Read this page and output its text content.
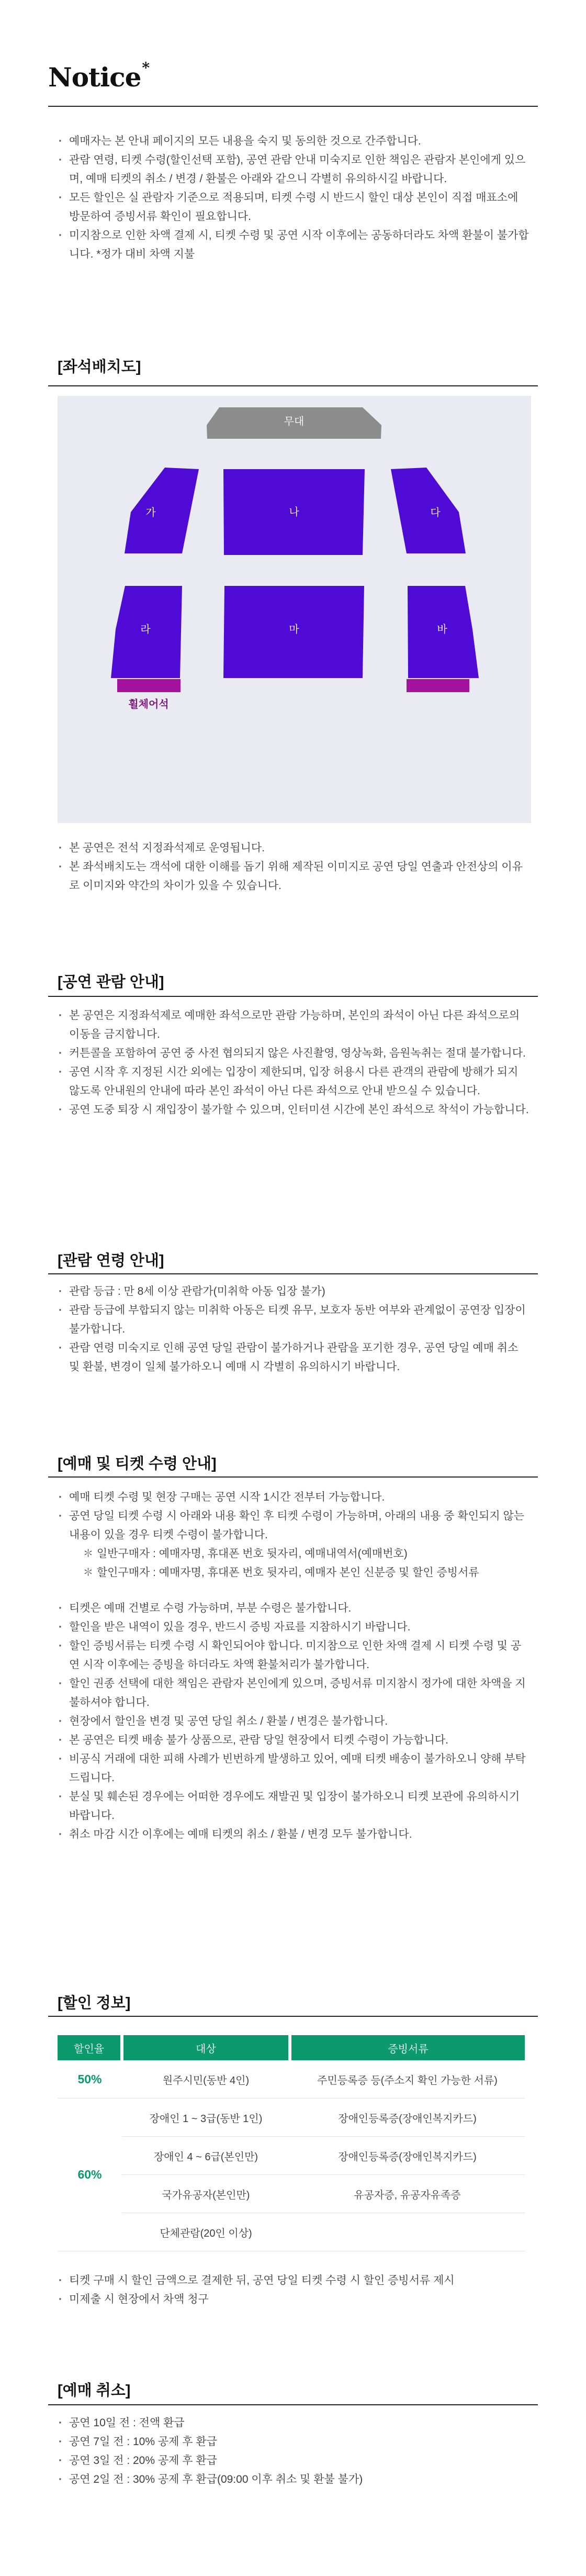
Notice*
· 예매자는 본 안내 페이지의 모든 내용을 숙지 및 동의한 것으로 간주합니다.
· 관람 연령, 티켓 수령(할인선택 포함), 공연 관람 안내 미숙지로 인한 책임은 관람자 본인에게 있으며, 예매 티켓의 취소 / 변경 / 환불은 아래와 같으니 각별히 유의하시길 바랍니다.
· 모든 할인은 실 관람자 기준으로 적용되며, 티켓 수령 시 반드시 할인 대상 본인이 직접 매표소에 방문하여 증빙서류 확인이 필요합니다.
· 미지참으로 인한 차액 결제 시, 티켓 수령 및 공연 시작 이후에는 공동하더라도 차액 환불이 불가합니다. *정가 대비 차액 지불
[좌석배치도]
무대
가	나	다
라	마	바
휠체어석
· 본 공연은 전석 지정좌석제로 운영됩니다.
· 본 좌석배치도는 객석에 대한 이해를 돕기 위해 제작된 이미지로 공연 당일 연출과 안전상의 이유로 이미지와 약간의 차이가 있을 수 있습니다.
[공연 관람 안내]
· 본 공연은 지정좌석제로 예매한 좌석으로만 관람 가능하며, 본인의 좌석이 아닌 다른 좌석으로의 이동을 금지합니다.
· 커튼콜을 포함하여 공연 중 사전 협의되지 않은 사진촬영, 영상녹화, 음원녹취는 절대 불가합니다.
· 공연 시작 후 지정된 시간 외에는 입장이 제한되며, 입장 허용시 다른 관객의 관람에 방해가 되지 않도록 안내원의 안내에 따라 본인 좌석이 아닌 다른 좌석으로 안내 받으실 수 있습니다.
· 공연 도중 퇴장 시 재입장이 불가할 수 있으며, 인터미션 시간에 본인 좌석으로 착석이 가능합니다.
[관람 연령 안내]
· 관람 등급 : 만 8세 이상 관람가(미취학 아동 입장 불가)
· 관람 등급에 부합되지 않는 미취학 아동은 티켓 유무, 보호자 동반 여부와 관계없이 공연장 입장이 불가합니다.
· 관람 연령 미숙지로 인해 공연 당일 관람이 불가하거나 관람을 포기한 경우, 공연 당일 예매 취소 및 환불, 변경이 일체 불가하오니 예매 시 각별히 유의하시기 바랍니다.
[예매 및 티켓 수령 안내]
· 예매 티켓 수령 및 현장 구매는 공연 시작 1시간 전부터 가능합니다.
· 공연 당일 티켓 수령 시 아래와 내용 확인 후 티켓 수령이 가능하며, 아래의 내용 중 확인되지 않는 내용이 있을 경우 티켓 수령이 불가합니다.
✽ 일반구매자 : 예매자명, 휴대폰 번호 뒷자리, 예매내역서(예매번호)
✽ 할인구매자 : 예매자명, 휴대폰 번호 뒷자리, 예매자 본인 신분증 및 할인 증빙서류
· 티켓은 예매 건별로 수령 가능하며, 부분 수령은 불가합니다.
· 할인을 받은 내역이 있을 경우, 반드시 증빙 자료를 지참하시기 바랍니다.
· 할인 증빙서류는 티켓 수령 시 확인되어야 합니다. 미지참으로 인한 차액 결제 시 티켓 수령 및 공연 시작 이후에는 증빙을 하더라도 차액 환불처리가 불가합니다.
· 할인 권종 선택에 대한 책임은 관람자 본인에게 있으며, 증빙서류 미지참시 정가에 대한 차액을 지불하셔야 합니다.
· 현장에서 할인을 변경 및 공연 당일 취소 / 환불 / 변경은 불가합니다.
· 본 공연은 티켓 배송 불가 상품으로, 관람 당일 현장에서 티켓 수령이 가능합니다.
· 비공식 거래에 대한 피해 사례가 빈번하게 발생하고 있어, 예매 티켓 배송이 불가하오니 양해 부탁드립니다.
· 분실 및 훼손된 경우에는 어떠한 경우에도 재발권 및 입장이 불가하오니 티켓 보관에 유의하시기 바랍니다.
· 취소 마감 시간 이후에는 예매 티켓의 취소 / 환불 / 변경 모두 불가합니다.
[할인 정보]
할인율	대상	증빙서류
50%	원주시민(동반 4인)	주민등록증 등(주소지 확인 가능한 서류)
60%	장애인 1 ~ 3급(동반 1인)	장애인등록증(장애인복지카드)
	장애인 4 ~ 6급(본인만)	장애인등록증(장애인복지카드)
	국가유공자(본인만)	유공자증, 유공자유족증
	단체관람(20인 이상)	
· 티켓 구매 시 할인 금액으로 결제한 뒤, 공연 당일 티켓 수령 시 할인 증빙서류 제시
· 미제출 시 현장에서 차액 청구
[예매 취소]
· 공연 10일 전 : 전액 환급
· 공연 7일 전 : 10% 공제 후 환급
· 공연 3일 전 : 20% 공제 후 환급
· 공연 2일 전 : 30% 공제 후 환급(09:00 이후 취소 및 환불 불가)
